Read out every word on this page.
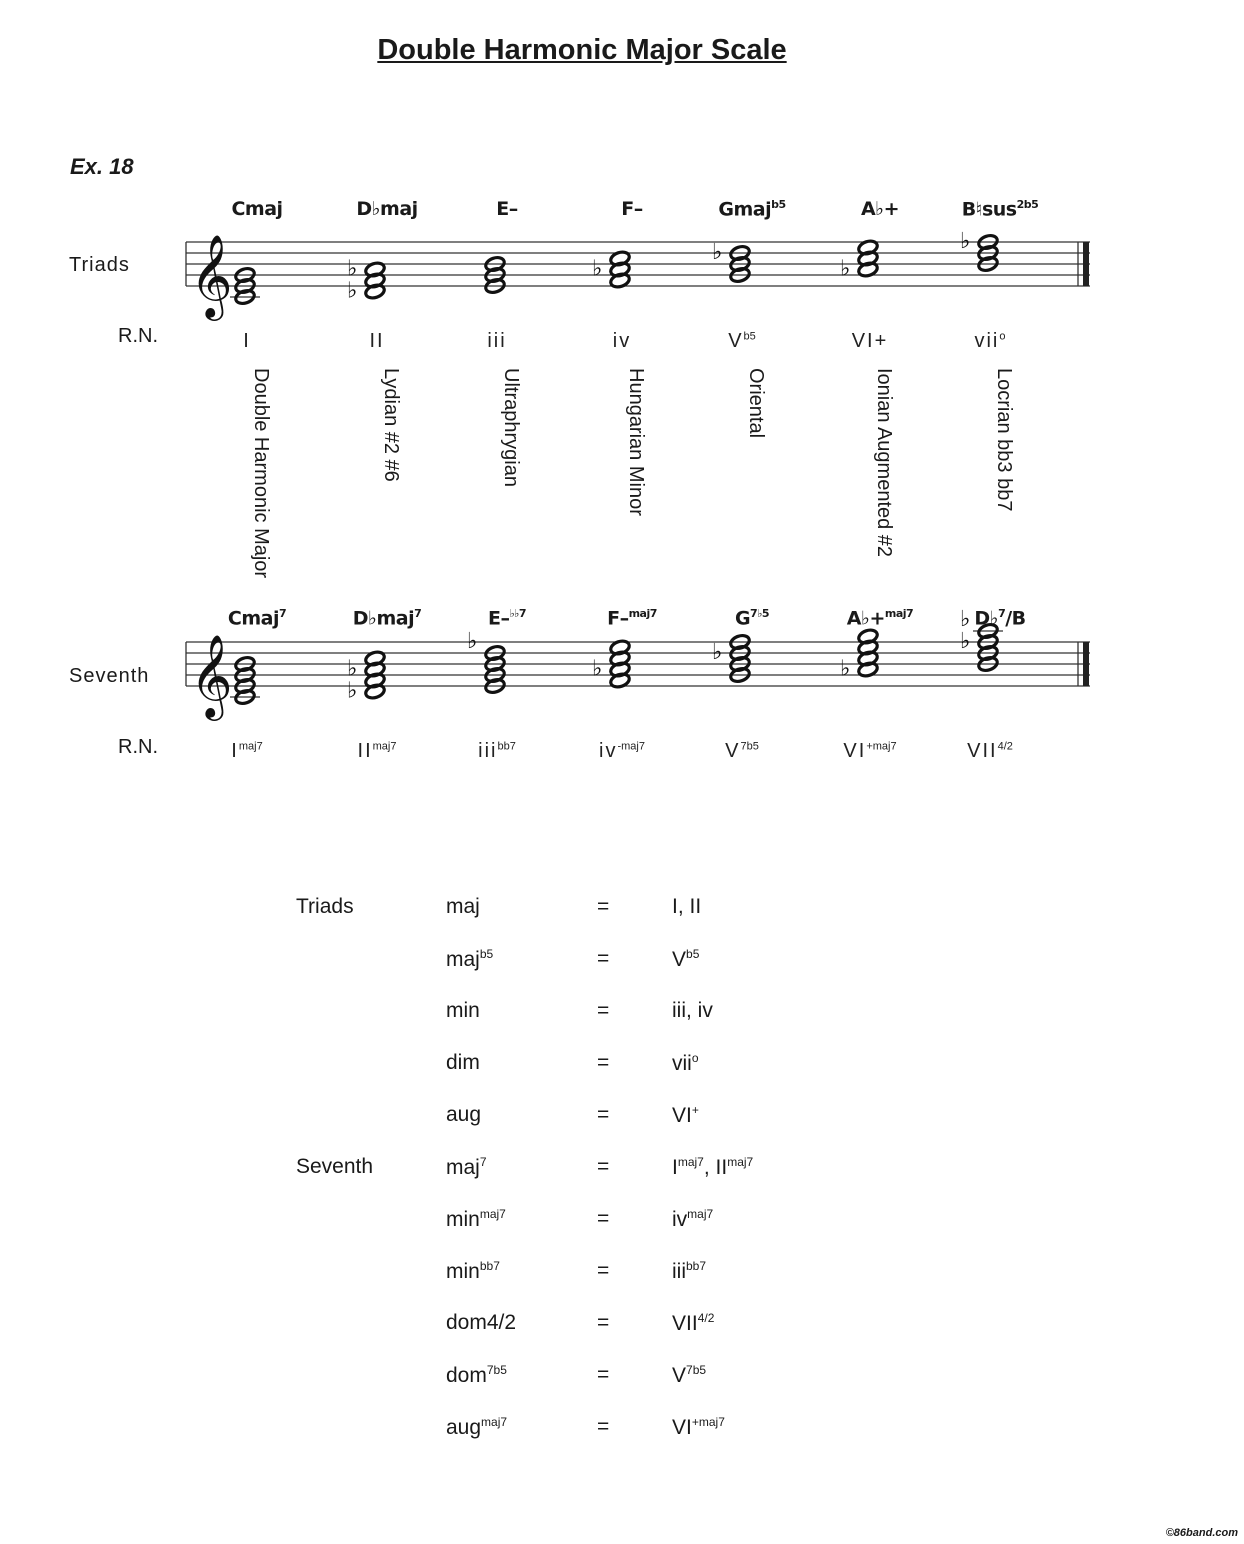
Double Harmonic Major Scale
Ex. 18
Triads
R.N.
Cmaj	D♭maj	E–	F–	Gmaj$^{b5}$	A♭+	B♮sus$^{2b5}$
I	II	iii	iv	$V^{b5}$	VI+	vii$^o$
Double Harmonic Major	Lydian #2 #6	Ultraphrygian	Hungarian Minor	Oriental	Ionian Augmented #2	Locrian bb3 bb7
𝄞	♭
♭	♭
♭
♭
♭
Seventh
R.N.
Cmaj$^7$	D♭maj$^7$	E–$^{♭♭7}$	F–$^{maj7}$	$G^{7♭5}$	A♭+$^{maj7}$	D♭$^7$/B
$I^{maj7}$	$II^{maj7}$	iii$^{bb7}$	$iv^{-maj7}$	$V^{7b5}$	$VI^{+maj7}$	$VII^{4/2}$
𝄞	♭
♭
♭
♭
♭
♭
♭
♭
Triads	maj	=	I, II
maj$^{b5}$	=	$V^{b5}$
min	=	iii, iv
dim	=	vii$^o$
aug	=	VI+
Seventh	maj$^7$	=	$I^{maj7}$, $II^{maj7}$
$\min^{maj7}$	=	$iv^{maj7}$
$\min^{bb7}$	=	iii$^{bb7}$
dom4/2	=	$VII^{4/2}$
dom$^{7b5}$	=	$V^{7b5}$
aug$^{maj7}$	=	$VI^{+maj7}$
©86band.com
